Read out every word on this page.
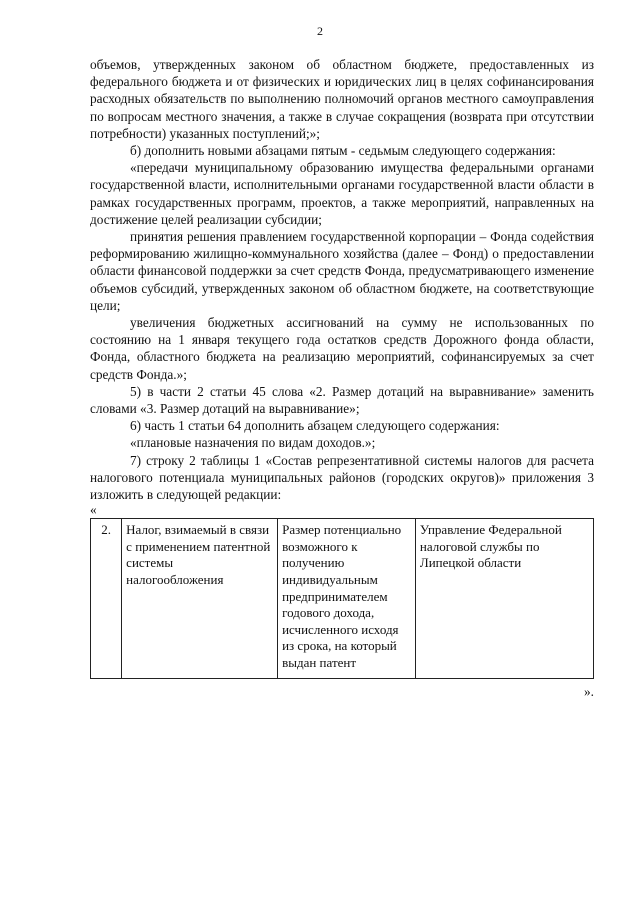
2

объемов, утвержденных законом об областном бюджете, предоставленных из федерального бюджета и от физических и юридических лиц в целях софинансирования расходных обязательств по выполнению полномочий органов местного самоуправления по вопросам местного значения, а также в случае сокращения (возврата при отсутствии потребности) указанных поступлений;»;

б) дополнить новыми абзацами пятым - седьмым следующего содержания:

«передачи муниципальному образованию имущества федеральными органами государственной власти, исполнительными органами государственной власти области в рамках государственных программ, проектов, а также мероприятий, направленных на достижение целей реализации субсидии;

принятия решения правлением государственной корпорации – Фонда содействия реформированию жилищно-коммунального хозяйства (далее – Фонд) о предоставлении области финансовой поддержки за счет средств Фонда, предусматривающего изменение объемов субсидий, утвержденных законом об областном бюджете, на соответствующие цели;

увеличения бюджетных ассигнований на сумму не использованных по состоянию на 1 января текущего года остатков средств Дорожного фонда области, Фонда, областного бюджета на реализацию мероприятий, софинансируемых за счет средств Фонда.»;

5) в части 2 статьи 45 слова «2. Размер дотаций на выравнивание» заменить словами «3. Размер дотаций на выравнивание»;

6) часть 1 статьи 64 дополнить абзацем следующего содержания:

«плановые назначения по видам доходов.»;

7) строку 2 таблицы 1 «Состав репрезентативной системы налогов для расчета налогового потенциала муниципальных районов (городских округов)» приложения 3 изложить в следующей редакции:

«

2.	Налог, взимаемый в связи с применением патентной системы налогообложения	Размер потенциально возможного к получению индивидуальным предпринимателем годового дохода, исчисленного исходя из срока, на который выдан патент	Управление Федеральной налоговой службы по Липецкой области

».
